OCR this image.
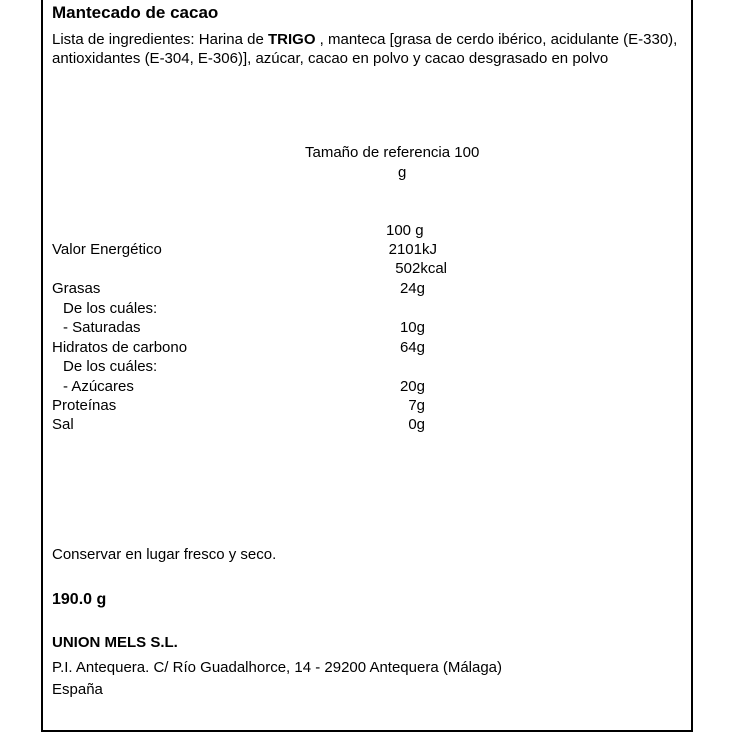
Mantecado de cacao
Lista de ingredientes: Harina de TRIGO , manteca [grasa de cerdo ibérico, acidulante (E-330), antioxidantes (E-304, E-306)], azúcar, cacao en polvo y cacao desgrasado en polvo
Tamaño de referencia 100
g
100 g
Valor Energético	2101kJ
502kcal
Grasas	24g
De los cuáles:
- Saturadas	10g
Hidratos de carbono	64g
De los cuáles:
- Azúcares	20g
Proteínas	7g
Sal	0g
Conservar en lugar fresco y seco.
190.0 g
UNION MELS S.L.
P.I. Antequera. C/ Río Guadalhorce, 14 - 29200 Antequera (Málaga)
España
